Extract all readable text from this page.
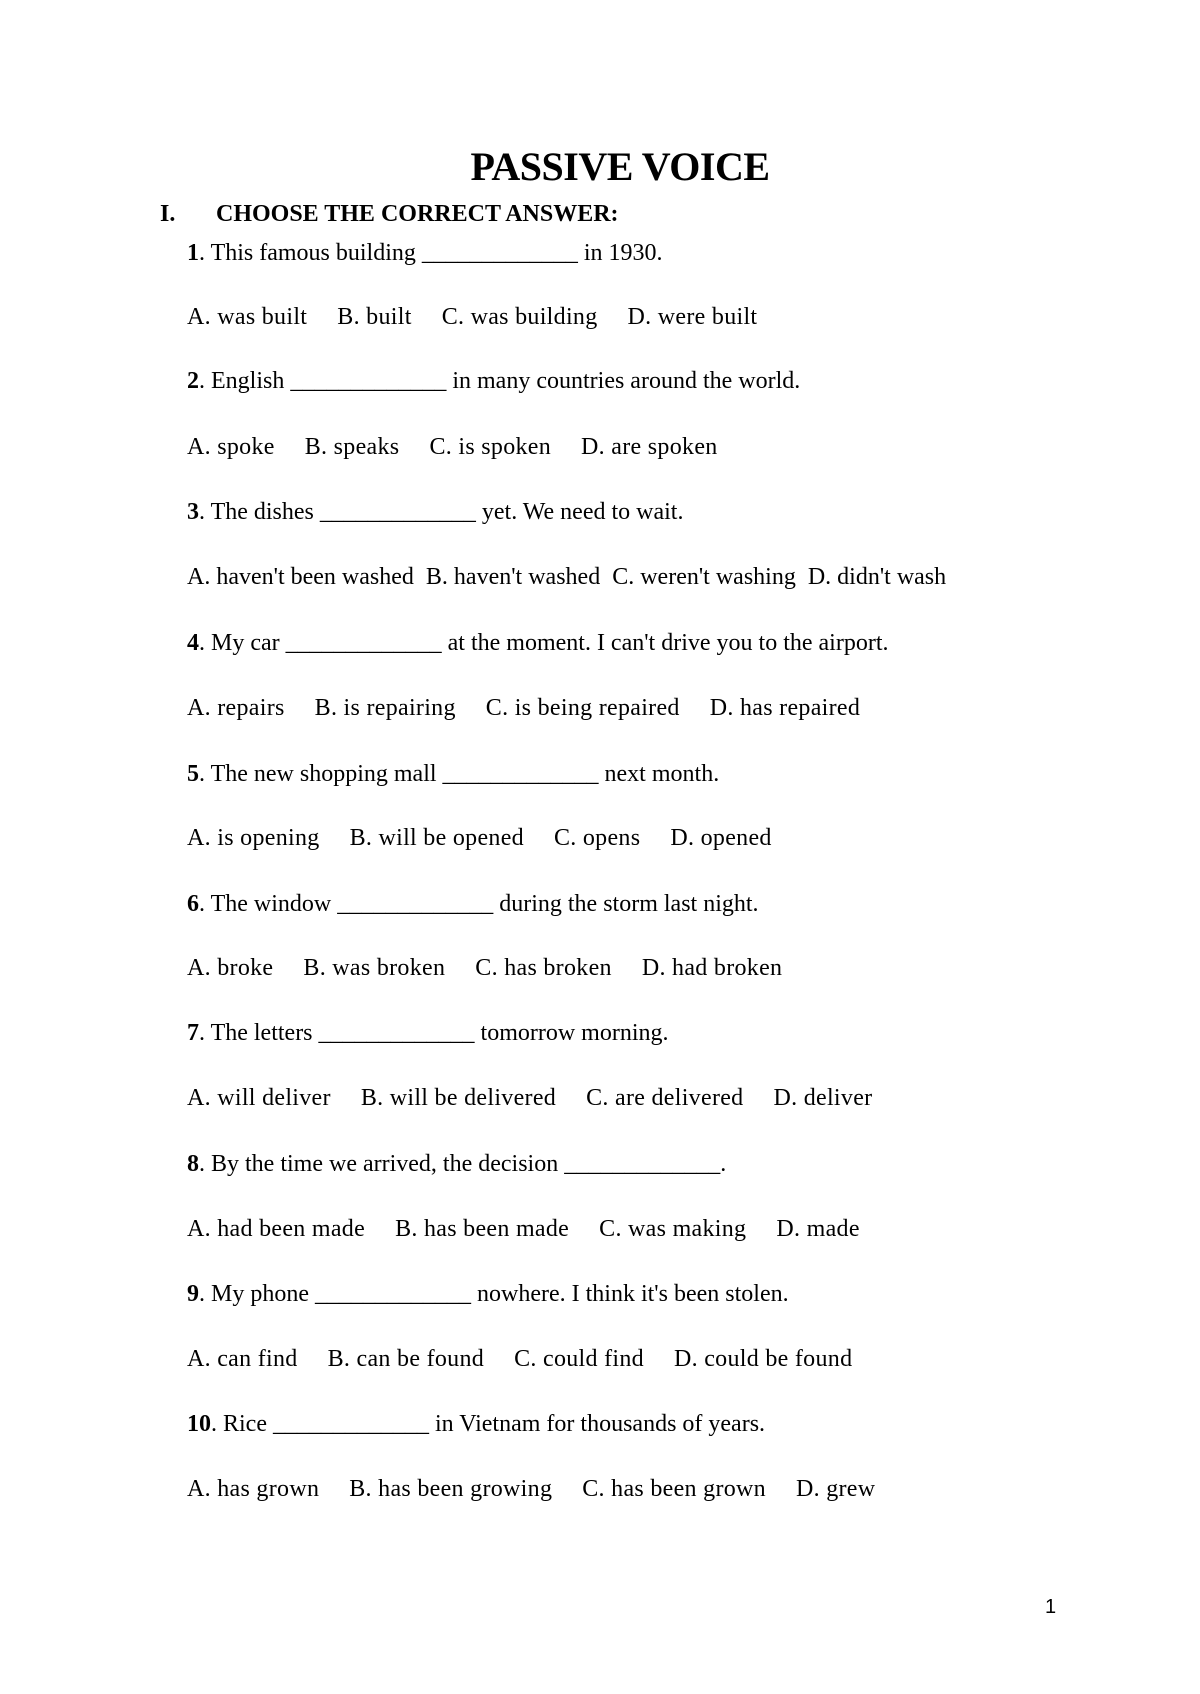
PASSIVE VOICE
I. CHOOSE THE CORRECT ANSWER:
1. This famous building _____________ in 1930.
A. was built B. built C. was building D. were built
2. English _____________ in many countries around the world.
A. spoke B. speaks C. is spoken D. are spoken
3. The dishes _____________ yet. We need to wait.
A. haven't been washed B. haven't washed C. weren't washing D. didn't wash
4. My car _____________ at the moment. I can't drive you to the airport.
A. repairs B. is repairing C. is being repaired D. has repaired
5. The new shopping mall _____________ next month.
A. is opening B. will be opened C. opens D. opened
6. The window _____________ during the storm last night.
A. broke B. was broken C. has broken D. had broken
7. The letters _____________ tomorrow morning.
A. will deliver B. will be delivered C. are delivered D. deliver
8. By the time we arrived, the decision _____________.
A. had been made B. has been made C. was making D. made
9. My phone _____________ nowhere. I think it's been stolen.
A. can find B. can be found C. could find D. could be found
10. Rice _____________ in Vietnam for thousands of years.
A. has grown B. has been growing C. has been grown D. grew
1
